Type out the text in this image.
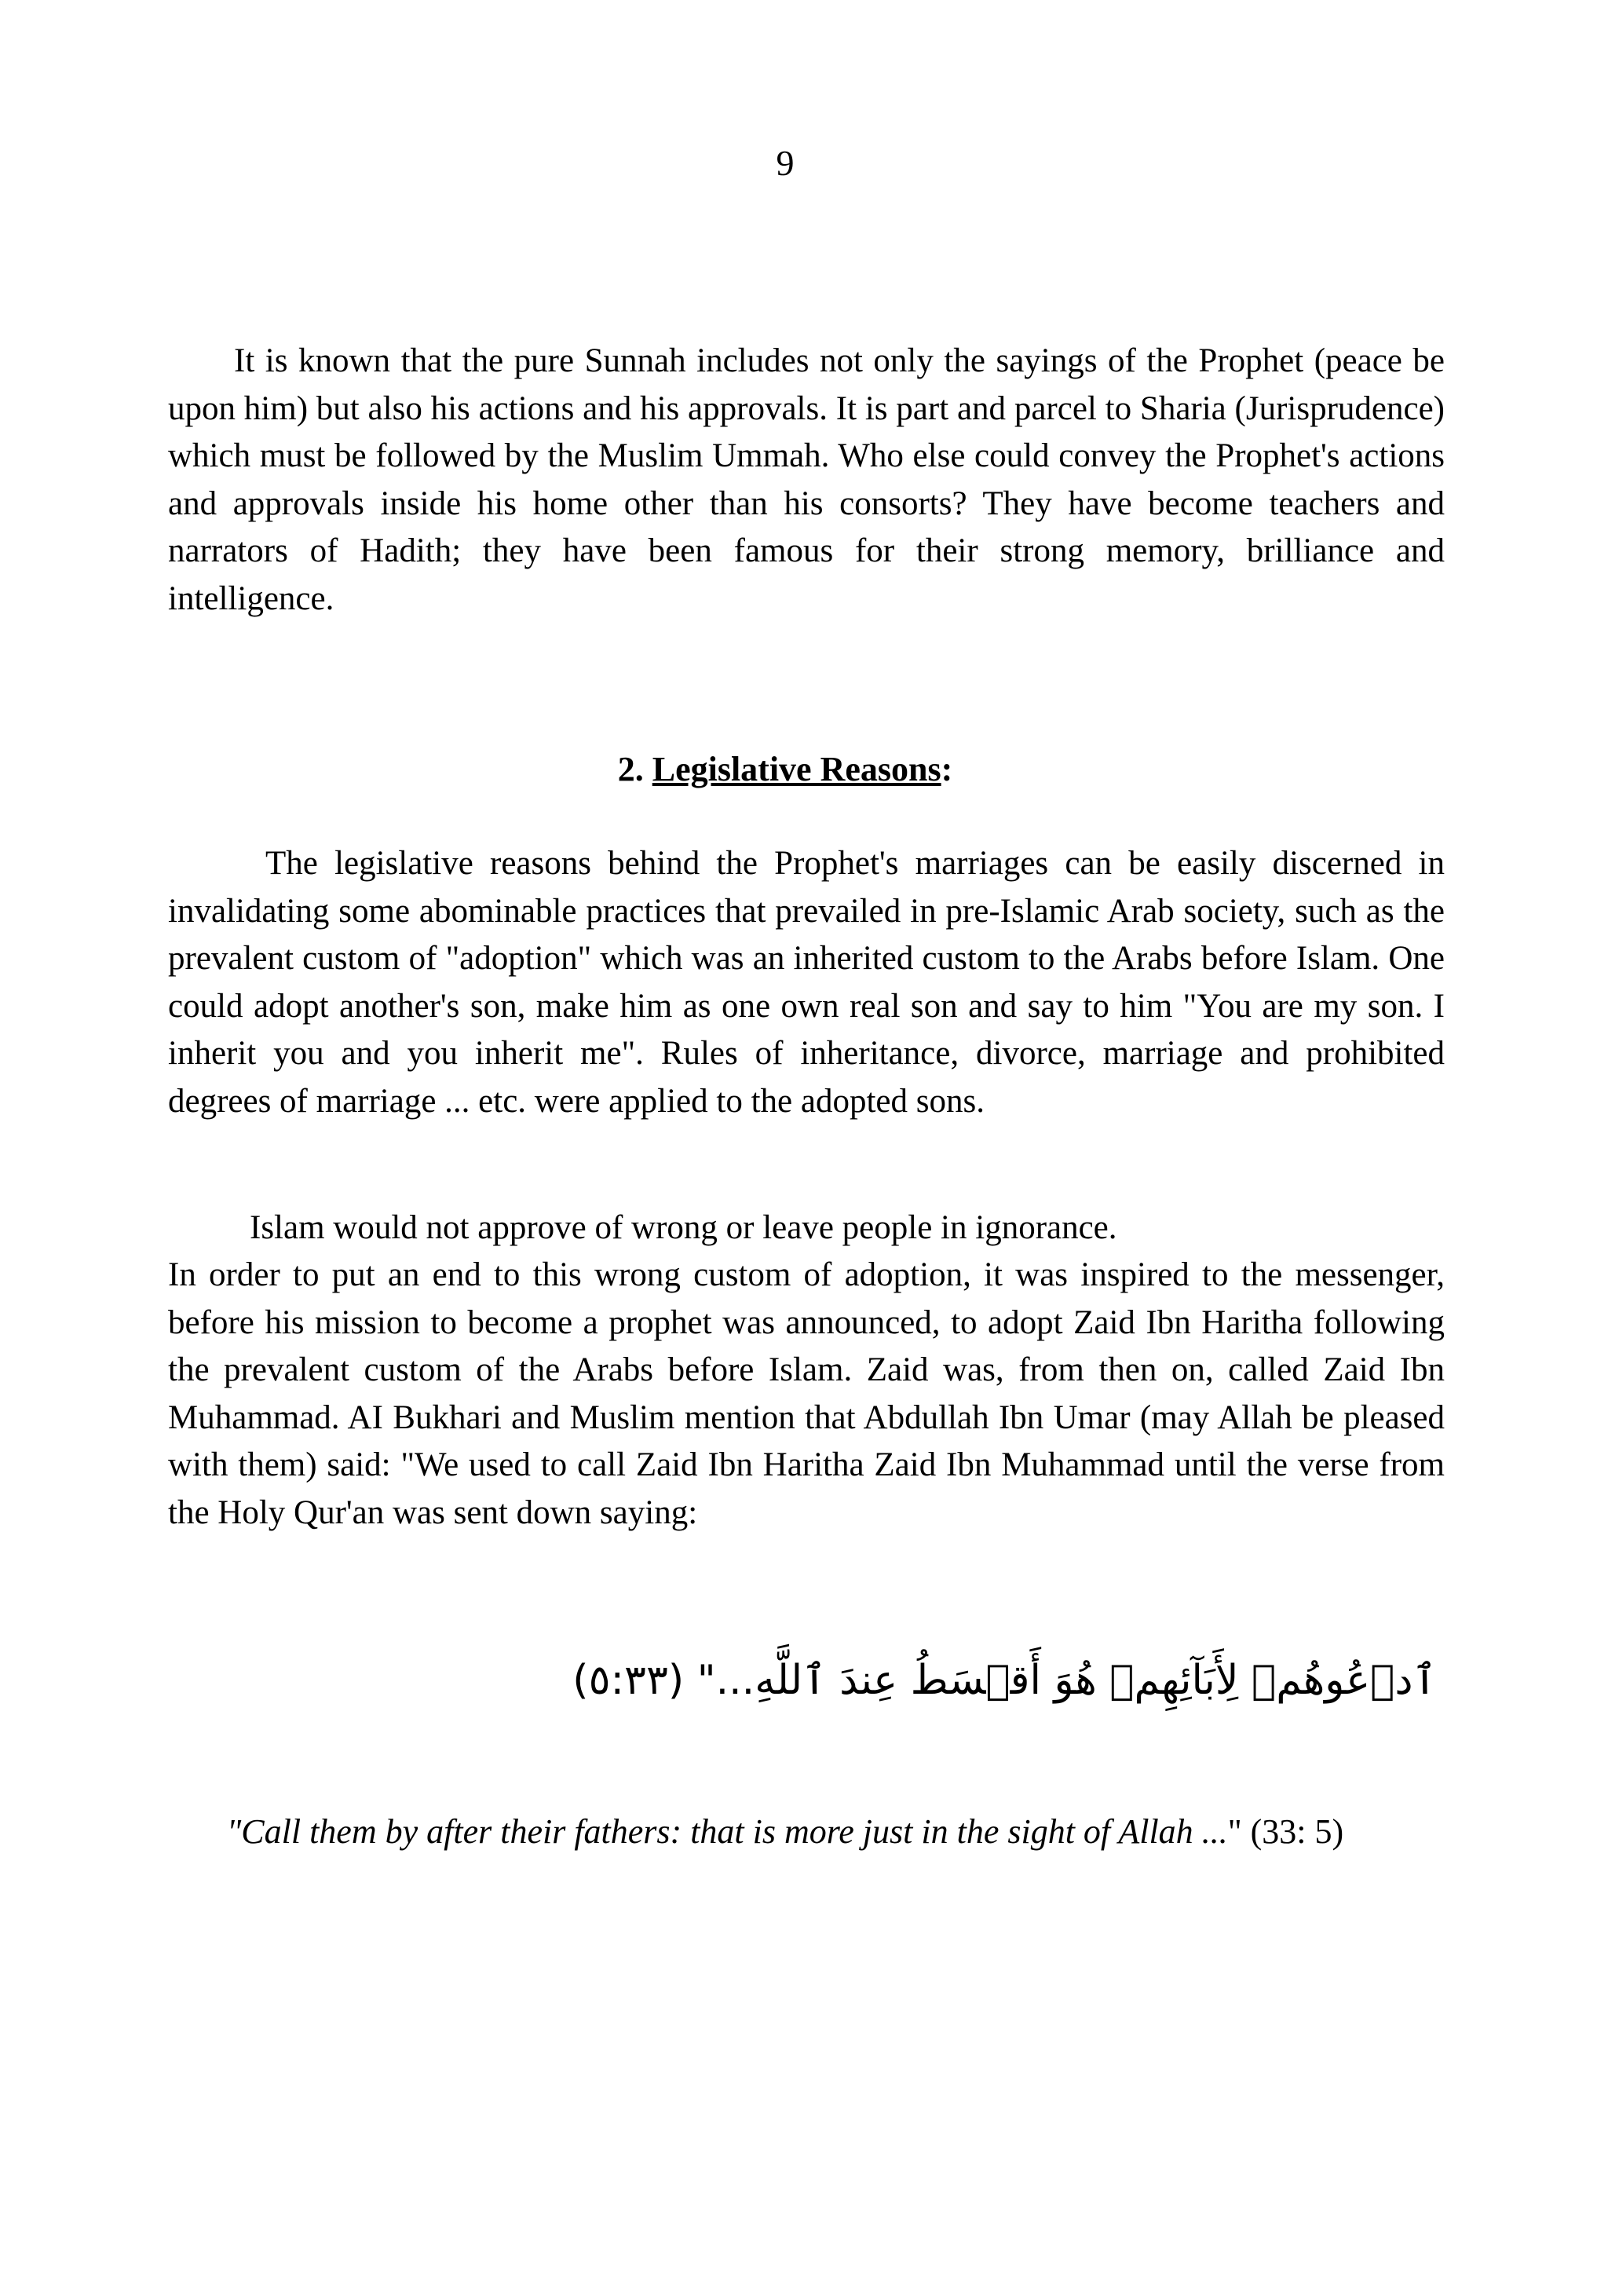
9

It is known that the pure Sunnah includes not only the sayings of the Prophet (peace be upon him) but also his actions and his approvals. It is part and parcel to Sharia (Jurisprudence) which must be followed by the Muslim Ummah. Who else could convey the Prophet's actions and approvals inside his home other than his consorts? They have become teachers and narrators of Hadith; they have been famous for their strong memory, brilliance and intelligence.

2. Legislative Reasons:

The legislative reasons behind the Prophet's marriages can be easily discerned in invalidating some abominable practices that prevailed in pre-Islamic Arab society, such as the prevalent custom of "adoption" which was an inherited custom to the Arabs before Islam. One could adopt another's son, make him as one own real son and say to him "You are my son. I inherit you and you inherit me". Rules of inheritance, divorce, marriage and prohibited degrees of marriage ... etc. were applied to the adopted sons.

Islam would not approve of wrong or leave people in ignorance.

In order to put an end to this wrong custom of adoption, it was inspired to the messenger, before his mission to become a prophet was announced, to adopt Zaid Ibn Haritha following the prevalent custom of the Arabs before Islam. Zaid was, from then on, called Zaid Ibn Muhammad. AI Bukhari and Muslim mention that Abdullah Ibn Umar (may Allah be pleased with them) said: "We used to call Zaid Ibn Haritha Zaid Ibn Muhammad until the verse from the Holy Qur'an was sent down saying:

ٱدۡعُوهُمۡ لِأَبَآئِهِمۡ هُوَ أَقۡسَطُ عِندَ ٱللَّهِ..." (٥:٣٣)
"Call them by after their fathers: that is more just in the sight of Allah ..." (33: 5)
